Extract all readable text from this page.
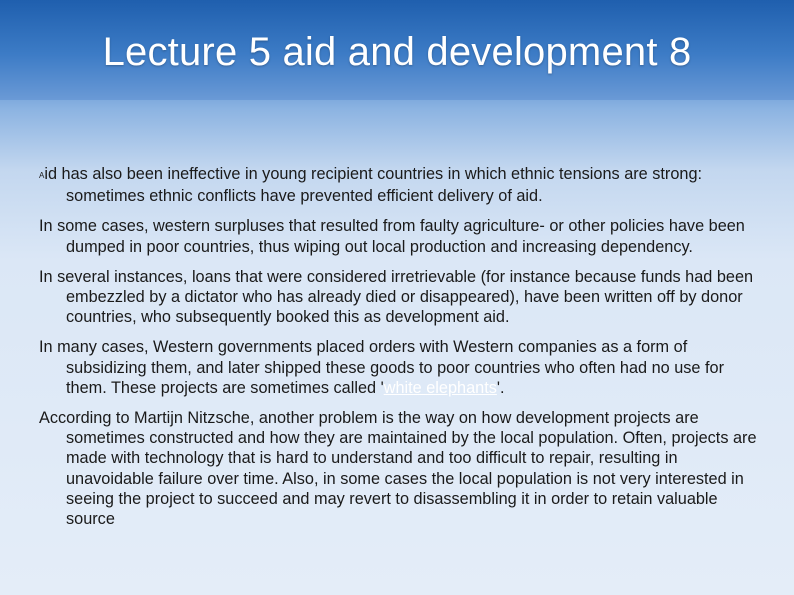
Lecture 5 aid and development 8

Aid has also been ineffective in young recipient countries in which ethnic tensions are strong: sometimes ethnic conflicts have prevented efficient delivery of aid.

In some cases, western surpluses that resulted from faulty agriculture- or other policies have been dumped in poor countries, thus wiping out local production and increasing dependency.

In several instances, loans that were considered irretrievable (for instance because funds had been embezzled by a dictator who has already died or disappeared), have been written off by donor countries, who subsequently booked this as development aid.

In many cases, Western governments placed orders with Western companies as a form of subsidizing them, and later shipped these goods to poor countries who often had no use for them. These projects are sometimes called 'white elephants'.

According to Martijn Nitzsche, another problem is the way on how development projects are sometimes constructed and how they are maintained by the local population. Often, projects are made with technology that is hard to understand and too difficult to repair, resulting in unavoidable failure over time. Also, in some cases the local population is not very interested in seeing the project to succeed and may revert to disassembling it in order to retain valuable source
